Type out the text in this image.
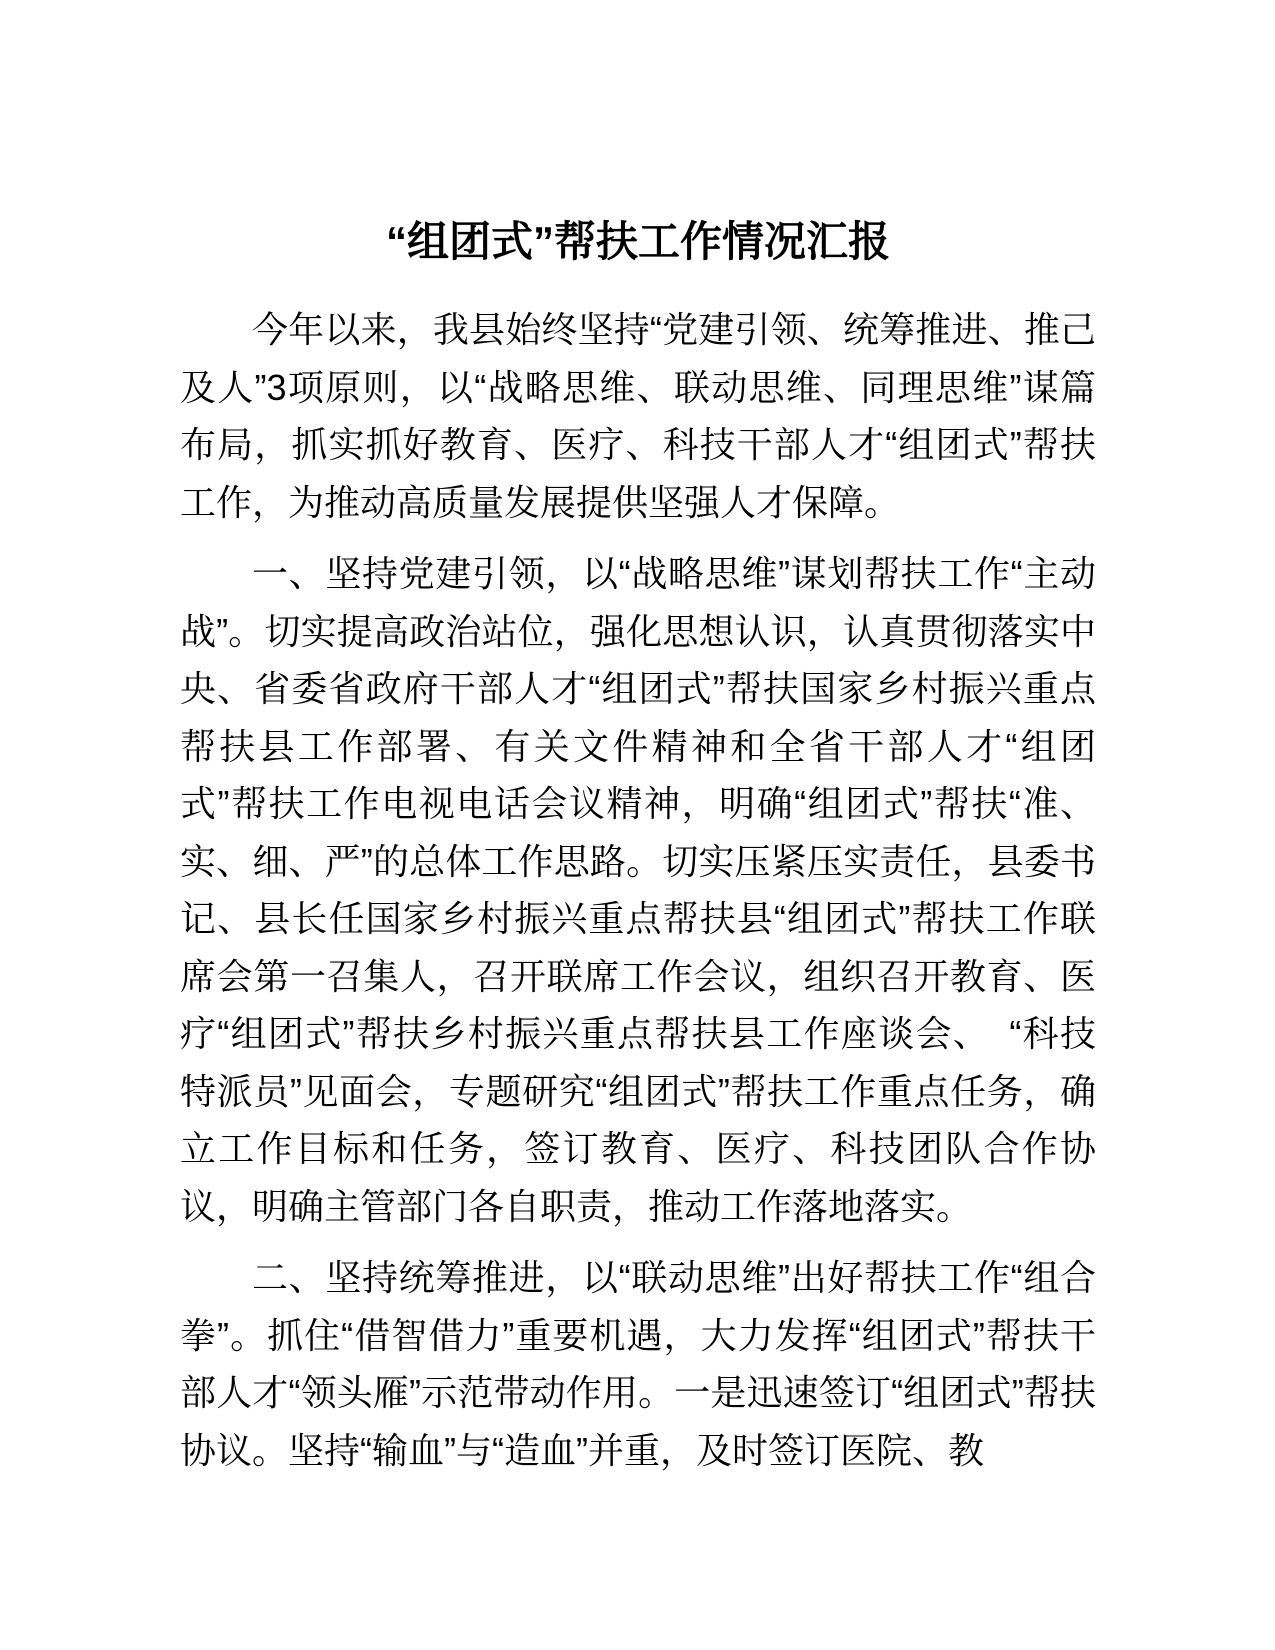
“组团式”帮扶工作情况汇报

今年以来，我县始终坚持“党建引领、统筹推进、推己及人”3项原则，以“战略思维、联动思维、同理思维”谋篇布局，抓实抓好教育、医疗、科技干部人才“组团式”帮扶工作，为推动高质量发展提供坚强人才保障。

一、坚持党建引领，以“战略思维”谋划帮扶工作“主动战”。切实提高政治站位，强化思想认识，认真贯彻落实中央、省委省政府干部人才“组团式”帮扶国家乡村振兴重点帮扶县工作部署、有关文件精神和全省干部人才“组团式”帮扶工作电视电话会议精神，明确“组团式”帮扶“准、实、细、严”的总体工作思路。切实压紧压实责任，县委书记、县长任国家乡村振兴重点帮扶县“组团式”帮扶工作联席会第一召集人，召开联席工作会议，组织召开教育、医疗“组团式”帮扶乡村振兴重点帮扶县工作座谈会、　“科技特派员”见面会，专题研究“组团式”帮扶工作重点任务，确立工作目标和任务，签订教育、医疗、科技团队合作协议，明确主管部门各自职责，推动工作落地落实。

二、坚持统筹推进，以“联动思维”出好帮扶工作“组合拳”。抓住“借智借力”重要机遇，大力发挥“组团式”帮扶干部人才“领头雁”示范带动作用。一是迅速签订“组团式”帮扶协议。坚持“输血”与“造血”并重，及时签订医院、教
